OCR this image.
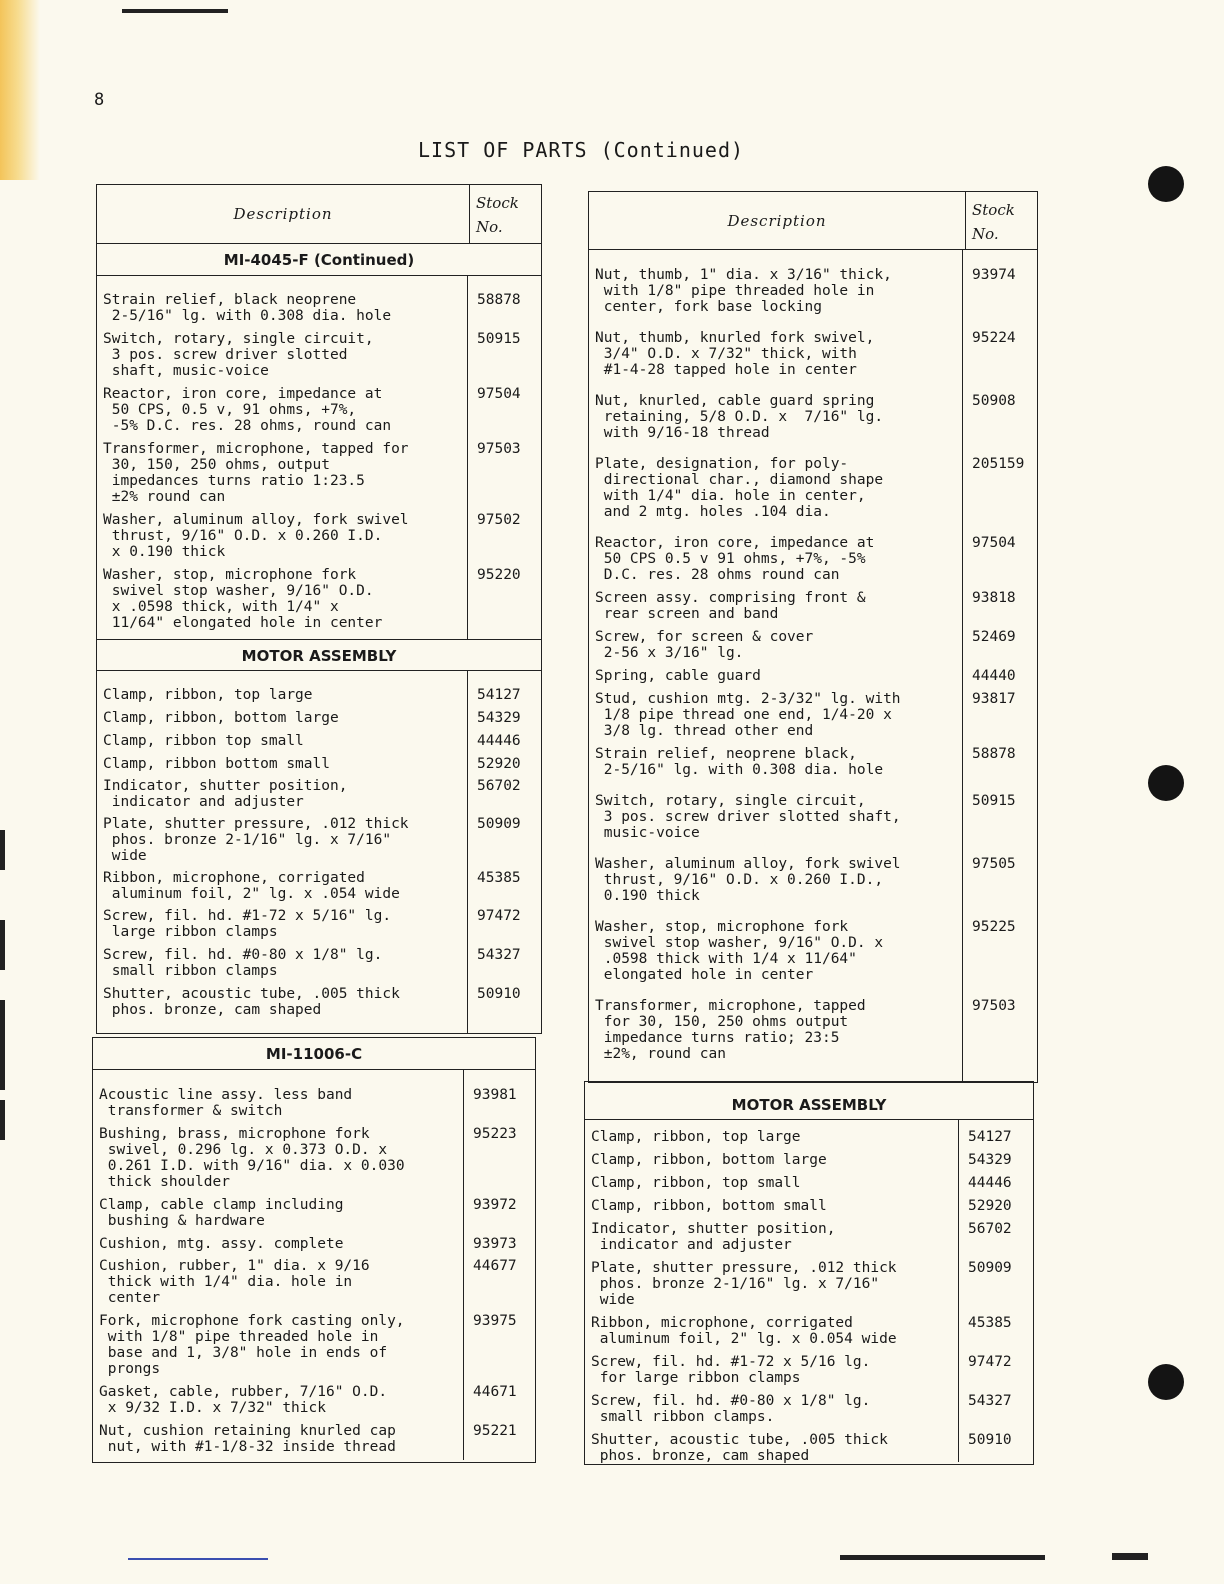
8
LIST OF PARTS (Continued)
Description
Stock
No.
MI-4045-F (Continued)
Strain relief, black neoprene
2-5/16" lg. with 0.308 dia. hole
58878
Switch, rotary, single circuit,
3 pos. screw driver slotted
shaft, music-voice
50915
Reactor, iron core, impedance at
50 CPS, 0.5 v, 91 ohms, +7%,
-5% D.C. res. 28 ohms, round can
97504
Transformer, microphone, tapped for
30, 150, 250 ohms, output
impedances turns ratio 1:23.5
±2% round can
97503
Washer, aluminum alloy, fork swivel
thrust, 9/16" O.D. x 0.260 I.D.
x 0.190 thick
97502
Washer, stop, microphone fork
swivel stop washer, 9/16" O.D.
x .0598 thick, with 1/4" x
11/64" elongated hole in center
95220
MOTOR ASSEMBLY
Clamp, ribbon, top large	54127
Clamp, ribbon, bottom large	54329
Clamp, ribbon top small	44446
Clamp, ribbon bottom small	52920
Indicator, shutter position,
indicator and adjuster
56702
Plate, shutter pressure, .012 thick
phos. bronze 2-1/16" lg. x 7/16"
wide
50909
Ribbon, microphone, corrigated
aluminum foil, 2" lg. x .054 wide
45385
Screw, fil. hd. #1-72 x 5/16" lg.
large ribbon clamps
97472
Screw, fil. hd. #0-80 x 1/8" lg.
small ribbon clamps
54327
Shutter, acoustic tube, .005 thick
phos. bronze, cam shaped
50910
MI-11006-C
Acoustic line assy. less band
transformer & switch
93981
Bushing, brass, microphone fork
swivel, 0.296 lg. x 0.373 O.D. x
0.261 I.D. with 9/16" dia. x 0.030
thick shoulder
95223
Clamp, cable clamp including
bushing & hardware
93972
Cushion, mtg. assy. complete	93973
Cushion, rubber, 1" dia. x 9/16
thick with 1/4" dia. hole in
center
44677
Fork, microphone fork casting only,
with 1/8" pipe threaded hole in
base and 1, 3/8" hole in ends of
prongs
93975
Gasket, cable, rubber, 7/16" O.D.
x 9/32 I.D. x 7/32" thick
44671
Nut, cushion retaining knurled cap
nut, with #1-1/8-32 inside thread
95221
Description
Stock
No.
Nut, thumb, 1" dia. x 3/16" thick,
with 1/8" pipe threaded hole in
center, fork base locking
93974
Nut, thumb, knurled fork swivel,
3/4" O.D. x 7/32" thick, with
#1-4-28 tapped hole in center
95224
Nut, knurled, cable guard spring
retaining, 5/8 O.D. x  7/16" lg.
with 9/16-18 thread
50908
Plate, designation, for poly-
directional char., diamond shape
with 1/4" dia. hole in center,
and 2 mtg. holes .104 dia.
205159
Reactor, iron core, impedance at
50 CPS 0.5 v 91 ohms, +7%, -5%
D.C. res. 28 ohms round can
97504
Screen assy. comprising front &
rear screen and band
93818
Screw, for screen & cover
2-56 x 3/16" lg.
52469
Spring, cable guard	44440
Stud, cushion mtg. 2-3/32" lg. with
1/8 pipe thread one end, 1/4-20 x
3/8 lg. thread other end
93817
Strain relief, neoprene black,
2-5/16" lg. with 0.308 dia. hole
58878
Switch, rotary, single circuit,
3 pos. screw driver slotted shaft,
music-voice
50915
Washer, aluminum alloy, fork swivel
thrust, 9/16" O.D. x 0.260 I.D.,
0.190 thick
97505
Washer, stop, microphone fork
swivel stop washer, 9/16" O.D. x
.0598 thick with 1/4 x 11/64"
elongated hole in center
95225
Transformer, microphone, tapped
for 30, 150, 250 ohms output
impedance turns ratio; 23:5
±2%, round can
97503
MOTOR ASSEMBLY
Clamp, ribbon, top large	54127
Clamp, ribbon, bottom large	54329
Clamp, ribbon, top small	44446
Clamp, ribbon, bottom small	52920
Indicator, shutter position,
indicator and adjuster
56702
Plate, shutter pressure, .012 thick
phos. bronze 2-1/16" lg. x 7/16"
wide
50909
Ribbon, microphone, corrigated
aluminum foil, 2" lg. x 0.054 wide
45385
Screw, fil. hd. #1-72 x 5/16 lg.
for large ribbon clamps
97472
Screw, fil. hd. #0-80 x 1/8" lg.
small ribbon clamps.
54327
Shutter, acoustic tube, .005 thick
phos. bronze, cam shaped
50910
